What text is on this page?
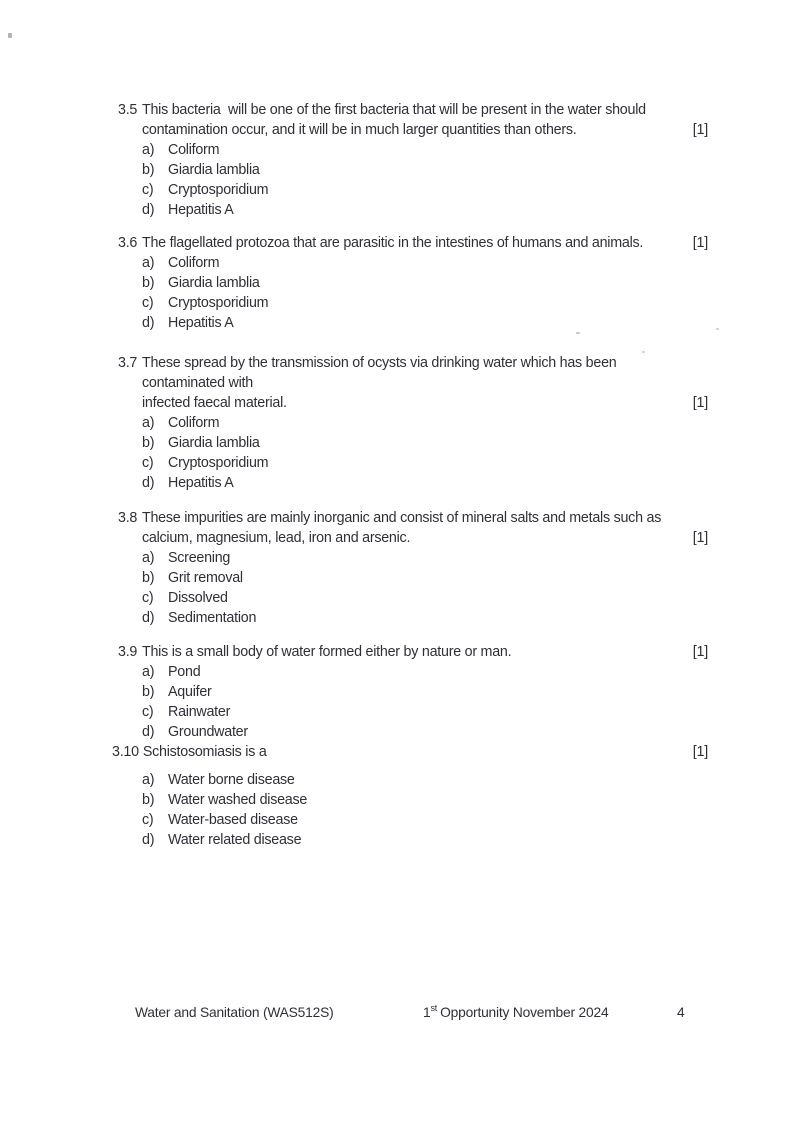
3.5 This bacteria  will be one of the first bacteria that will be present in the water should
contamination occur, and it will be in much larger quantities than others.	[1]
a) Coliform
b) Giardia lamblia
c)	Cryptosporidium
d) Hepatitis A
3.6 The flagellated protozoa that are parasitic in the intestines of humans and animals.	[1]
a) Coliform
b) Giardia lamblia
c)	Cryptosporidium
d) Hepatitis A
3.7 These spread by the transmission of ocysts via drinking water which has been
contaminated with
infected faecal material.	[1]
a) Coliform
b) Giardia lamblia
c)	Cryptosporidium
d) Hepatitis A
3.8 These impurities are mainly inorganic and consist of mineral salts and metals such as
calcium, magnesium, lead, iron and arsenic.	[1]
a) Screening
b) Grit removal
c)	Dissolved
d) Sedimentation
3.9 This is a small body of water formed either by nature or man.	[1]
a) Pond
b) Aquifer
c)	Rainwater
d) Groundwater
3.10 Schistosomiasis is a	[1]
a) Water borne disease
b) Water washed disease
c)	Water-based disease
d) Water related disease
Water and Sanitation (WAS512S)	1st Opportunity November 2024	4
